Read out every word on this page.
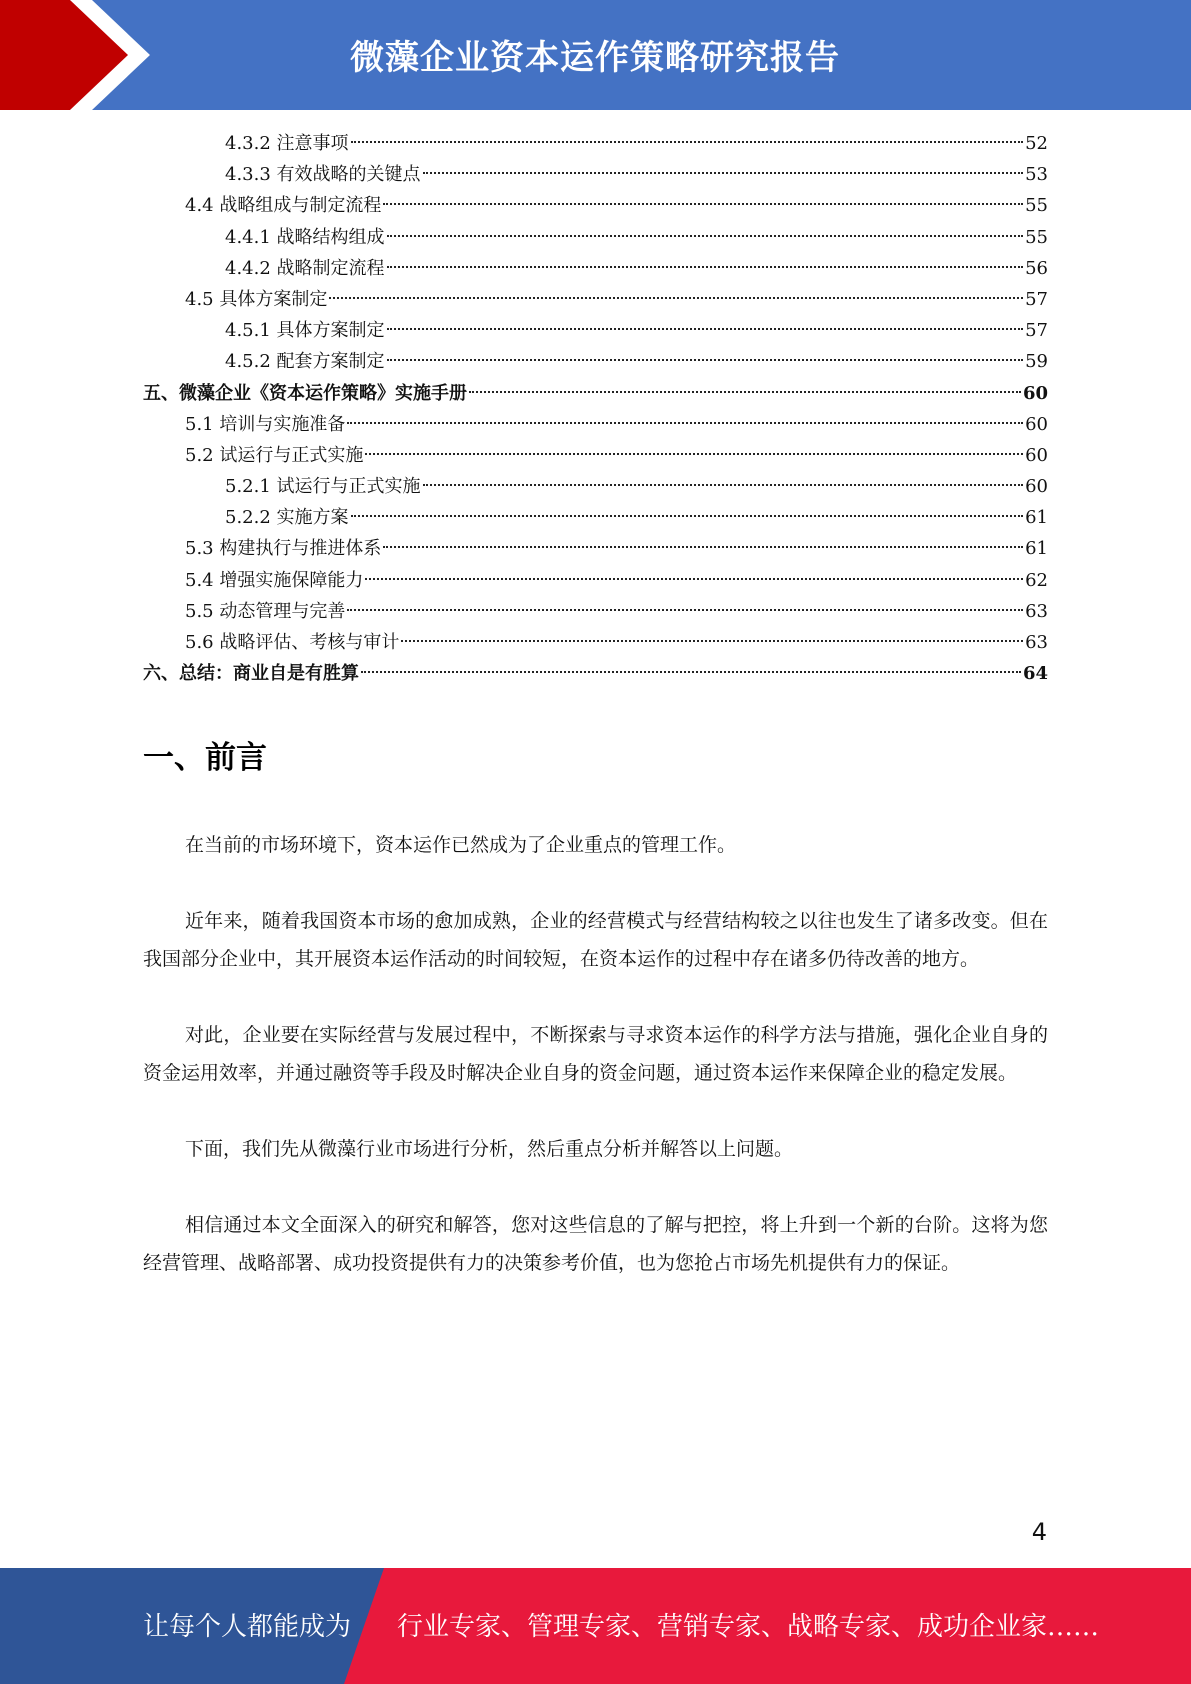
微藻企业资本运作策略研究报告
4.3.2 注意事项	52
4.3.3 有效战略的关键点	53
4.4 战略组成与制定流程	55
4.4.1 战略结构组成	55
4.4.2 战略制定流程	56
4.5 具体方案制定	57
4.5.1 具体方案制定	57
4.5.2 配套方案制定	59
五、微藻企业《资本运作策略》实施手册	60
5.1 培训与实施准备	60
5.2 试运行与正式实施	60
5.2.1 试运行与正式实施	60
5.2.2 实施方案	61
5.3 构建执行与推进体系	61
5.4 增强实施保障能力	62
5.5 动态管理与完善	63
5.6 战略评估、考核与审计	63
六、总结：商业自是有胜算	64
一、前言

在当前的市场环境下，资本运作已然成为了企业重点的管理工作。

近年来，随着我国资本市场的愈加成熟，企业的经营模式与经营结构较之以往也发生了诸多改变。但在我国部分企业中，其开展资本运作活动的时间较短，在资本运作的过程中存在诸多仍待改善的地方。

对此，企业要在实际经营与发展过程中，不断探索与寻求资本运作的科学方法与措施，强化企业自身的资金运用效率，并通过融资等手段及时解决企业自身的资金问题，通过资本运作来保障企业的稳定发展。

下面，我们先从微藻行业市场进行分析，然后重点分析并解答以上问题。

相信通过本文全面深入的研究和解答，您对这些信息的了解与把控，将上升到一个新的台阶。这将为您经营管理、战略部署、成功投资提供有力的决策参考价值，也为您抢占市场先机提供有力的保证。

4
让每个人都能成为 行业专家、管理专家、营销专家、战略专家、成功企业家……
